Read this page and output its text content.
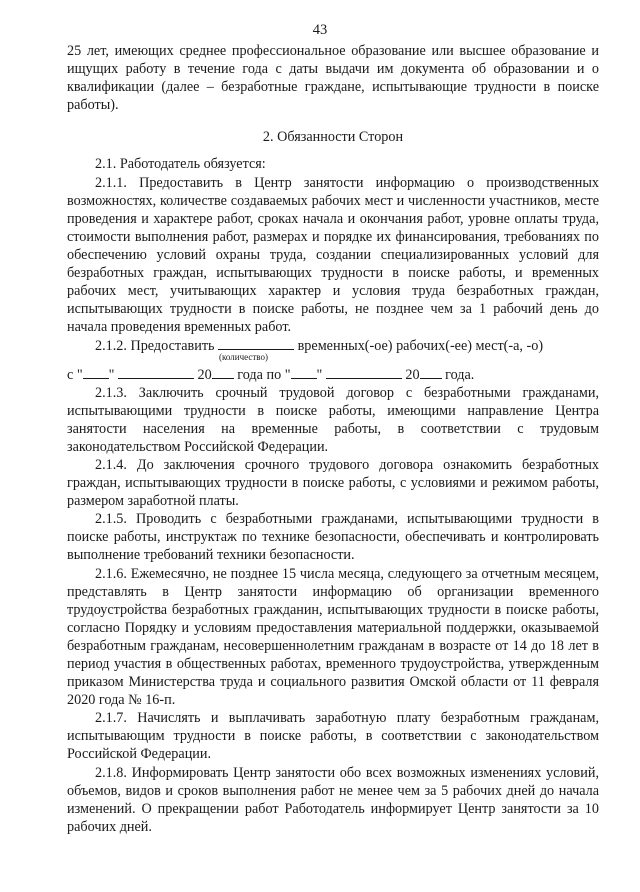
43

25 лет, имеющих среднее профессиональное образование или высшее образование и ищущих работу в течение года с даты выдачи им документа об образовании и о квалификации (далее – безработные граждане, испытывающие трудности в поиске работы).

2. Обязанности Сторон

2.1. Работодатель обязуется:

2.1.1. Предоставить в Центр занятости информацию о производственных возможностях, количестве создаваемых рабочих мест и численности участников, месте проведения и характере работ, сроках начала и окончания работ, уровне оплаты труда, стоимости выполнения работ, размерах и порядке их финансирования, требованиях по обеспечению условий охраны труда, создании специализированных условий для безработных граждан, испытывающих трудности в поиске работы, и временных рабочих мест, учитывающих характер и условия труда безработных граждан, испытывающих трудности в поиске работы, не позднее чем за 1 рабочий день до начала проведения временных работ.

2.1.2. Предоставить	временных(-ое) рабочих(-ее) мест(-а, -о)

(количество)

с " "	20 года по " "	20 года.

2.1.3. Заключить срочный трудовой договор с безработными гражданами, испытывающими трудности в поиске работы, имеющими направление Центра занятости населения на временные работы, в соответствии с трудовым законодательством Российской Федерации.

2.1.4. До заключения срочного трудового договора ознакомить безработных граждан, испытывающих трудности в поиске работы, с условиями и режимом работы, размером заработной платы.

2.1.5. Проводить с безработными гражданами, испытывающими трудности в поиске работы, инструктаж по технике безопасности, обеспечивать и контролировать выполнение требований техники безопасности.

2.1.6. Ежемесячно, не позднее 15 числа месяца, следующего за отчетным месяцем, представлять в Центр занятости информацию об организации временного трудоустройства безработных гражданин, испытывающих трудности в поиске работы, согласно Порядку и условиям предоставления материальной поддержки, оказываемой безработным гражданам, несовершеннолетним гражданам в возрасте от 14 до 18 лет в период участия в общественных работах, временного трудоустройства, утвержденным приказом Министерства труда и социального развития Омской области от 11 февраля 2020 года № 16-п.

2.1.7. Начислять и выплачивать заработную плату безработным гражданам, испытывающим трудности в поиске работы, в соответствии с законодательством Российской Федерации.

2.1.8. Информировать Центр занятости обо всех возможных изменениях условий, объемов, видов и сроков выполнения работ не менее чем за 5 рабочих дней до начала изменений. О прекращении работ Работодатель информирует Центр занятости за 10 рабочих дней.
